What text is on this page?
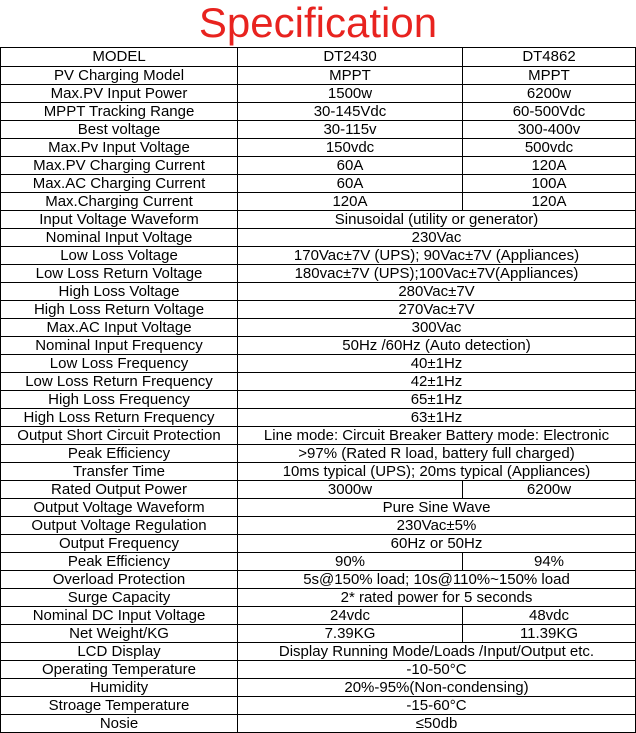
Specification
MODEL	DT2430	DT4862
PV Charging Model	MPPT	MPPT
Max.PV Input Power	1500w	6200w
MPPT Tracking Range	30-145Vdc	60-500Vdc
Best voltage	30-115v	300-400v
Max.Pv Input Voltage	150vdc	500vdc
Max.PV Charging Current	60A	120A
Max.AC Charging Current	60A	100A
Max.Charging Current	120A	120A
Input Voltage Waveform	Sinusoidal (utility or generator)	
Nominal Input Voltage	230Vac	
Low Loss Voltage	170Vac±7V (UPS); 90Vac±7V (Appliances)	
Low Loss Return Voltage	180vac±7V (UPS);100Vac±7V(Appliances)	
High Loss Voltage	280Vac±7V	
High Loss Return Voltage	270Vac±7V	
Max.AC Input Voltage	300Vac	
Nominal Input Frequency	50Hz /60Hz (Auto detection)	
Low Loss Frequency	40±1Hz	
Low Loss Return Frequency	42±1Hz	
High Loss Frequency	65±1Hz	
High Loss Return Frequency	63±1Hz	
Output Short Circuit Protection	Line mode: Circuit Breaker Battery mode: Electronic	
Peak Efficiency	>97% (Rated R load, battery full charged)	
Transfer Time	10ms typical (UPS); 20ms typical (Appliances)	
Rated Output Power	3000w	6200w
Output Voltage Waveform	Pure Sine Wave	
Output Voltage Regulation	230Vac±5%	
Output Frequency	60Hz or 50Hz	
Peak Efficiency	90%	94%
Overload Protection	5s@150% load; 10s@110%~150% load	
Surge Capacity	2* rated power for 5 seconds	
Nominal DC Input Voltage	24vdc	48vdc
Net Weight/KG	7.39KG	11.39KG
LCD Display	Display Running Mode/Loads /Input/Output etc.	
Operating Temperature	-10-50°C	
Humidity	20%-95%(Non-condensing)	
Stroage Temperature	-15-60°C	
Nosie	≤50db	
